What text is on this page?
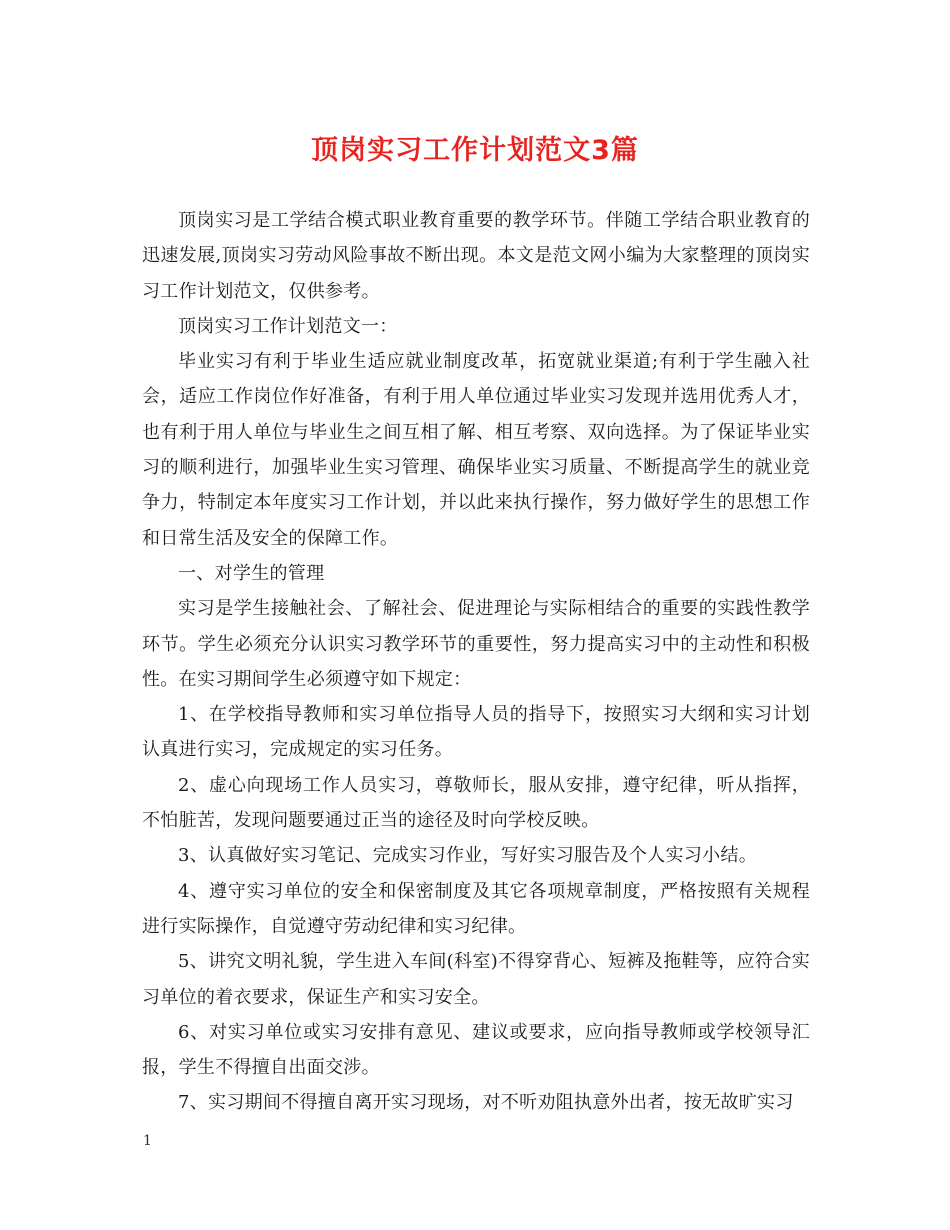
顶岗实习工作计划范文3篇

顶岗实习是工学结合模式职业教育重要的教学环节。伴随工学结合职业教育的迅速发展,顶岗实习劳动风险事故不断出现。本文是范文网小编为大家整理的顶岗实习工作计划范文，仅供参考。

顶岗实习工作计划范文一：

毕业实习有利于毕业生适应就业制度改革，拓宽就业渠道;有利于学生融入社会，适应工作岗位作好准备，有利于用人单位通过毕业实习发现并选用优秀人才，也有利于用人单位与毕业生之间互相了解、相互考察、双向选择。为了保证毕业实习的顺利进行，加强毕业生实习管理、确保毕业实习质量、不断提高学生的就业竞争力，特制定本年度实习工作计划，并以此来执行操作，努力做好学生的思想工作和日常生活及安全的保障工作。

一、对学生的管理

实习是学生接触社会、了解社会、促进理论与实际相结合的重要的实践性教学环节。学生必须充分认识实习教学环节的重要性，努力提高实习中的主动性和积极性。在实习期间学生必须遵守如下规定：

1、在学校指导教师和实习单位指导人员的指导下，按照实习大纲和实习计划认真进行实习，完成规定的实习任务。

2、虚心向现场工作人员实习，尊敬师长，服从安排，遵守纪律，听从指挥，不怕脏苦，发现问题要通过正当的途径及时向学校反映。

3、认真做好实习笔记、完成实习作业，写好实习服告及个人实习小结。

4、遵守实习单位的安全和保密制度及其它各项规章制度，严格按照有关规程进行实际操作，自觉遵守劳动纪律和实习纪律。

5、讲究文明礼貌，学生进入车间(科室)不得穿背心、短裤及拖鞋等，应符合实习单位的着衣要求，保证生产和实习安全。

6、对实习单位或实习安排有意见、建议或要求，应向指导教师或学校领导汇报，学生不得擅自出面交涉。

7、实习期间不得擅自离开实习现场，对不听劝阻执意外出者，按无故旷实习

1
